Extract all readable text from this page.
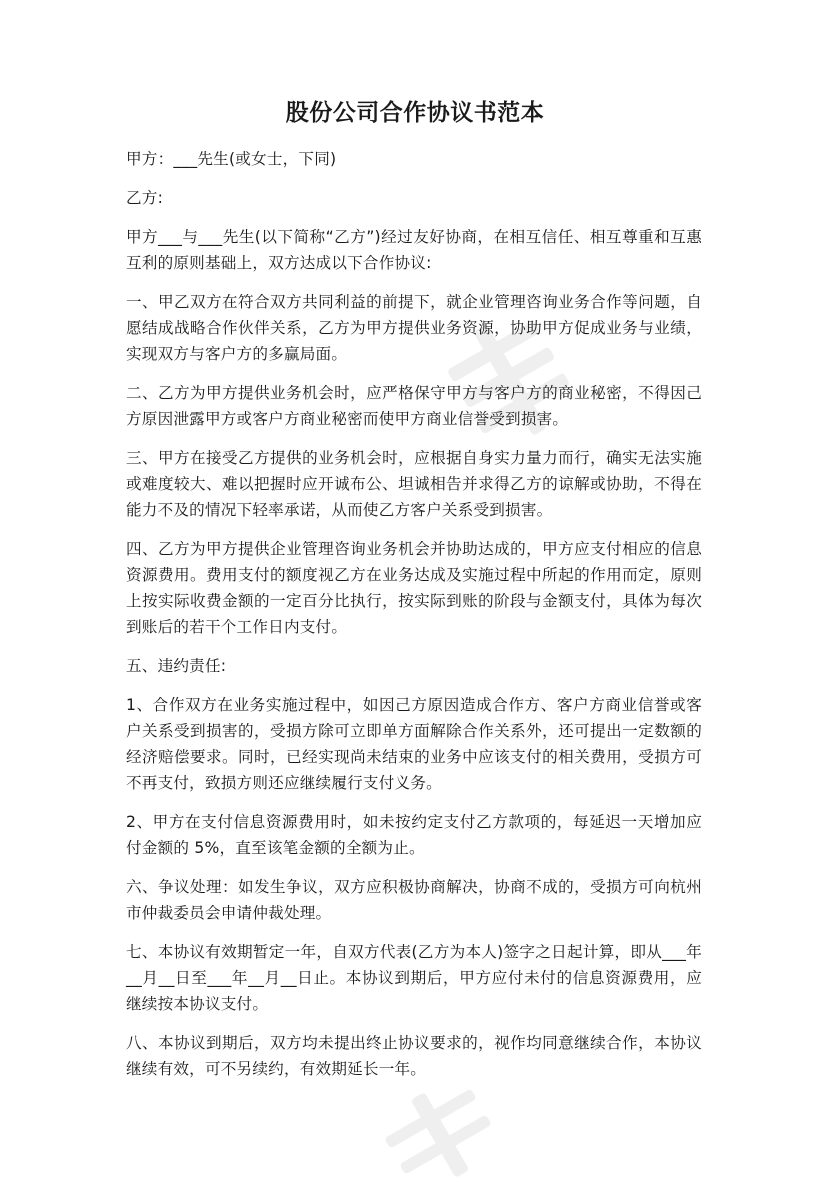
股份公司合作协议书范本

甲方：___先生(或女士，下同)

乙方:

甲方___与___先生(以下简称“乙方”)经过友好协商，在相互信任、相互尊重和互惠互利的原则基础上，双方达成以下合作协议:

一、甲乙双方在符合双方共同利益的前提下，就企业管理咨询业务合作等问题，自愿结成战略合作伙伴关系，乙方为甲方提供业务资源，协助甲方促成业务与业绩，实现双方与客户方的多赢局面。

二、乙方为甲方提供业务机会时，应严格保守甲方与客户方的商业秘密，不得因己方原因泄露甲方或客户方商业秘密而使甲方商业信誉受到损害。

三、甲方在接受乙方提供的业务机会时，应根据自身实力量力而行，确实无法实施或难度较大、难以把握时应开诚布公、坦诚相告并求得乙方的谅解或协助，不得在能力不及的情况下轻率承诺，从而使乙方客户关系受到损害。

四、乙方为甲方提供企业管理咨询业务机会并协助达成的，甲方应支付相应的信息资源费用。费用支付的额度视乙方在业务达成及实施过程中所起的作用而定，原则上按实际收费金额的一定百分比执行，按实际到账的阶段与金额支付，具体为每次到账后的若干个工作日内支付。

五、违约责任:

1、合作双方在业务实施过程中，如因己方原因造成合作方、客户方商业信誉或客户关系受到损害的，受损方除可立即单方面解除合作关系外，还可提出一定数额的经济赔偿要求。同时，已经实现尚未结束的业务中应该支付的相关费用，受损方可不再支付，致损方则还应继续履行支付义务。

2、甲方在支付信息资源费用时，如未按约定支付乙方款项的，每延迟一天增加应付金额的 5%，直至该笔金额的全额为止。

六、争议处理：如发生争议，双方应积极协商解决，协商不成的，受损方可向杭州市仲裁委员会申请仲裁处理。

七、本协议有效期暂定一年，自双方代表(乙方为本人)签字之日起计算，即从___年__月__日至___年__月__日止。本协议到期后，甲方应付未付的信息资源费用，应继续按本协议支付。

八、本协议到期后，双方均未提出终止协议要求的，视作均同意继续合作，本协议继续有效，可不另续约，有效期延长一年。
